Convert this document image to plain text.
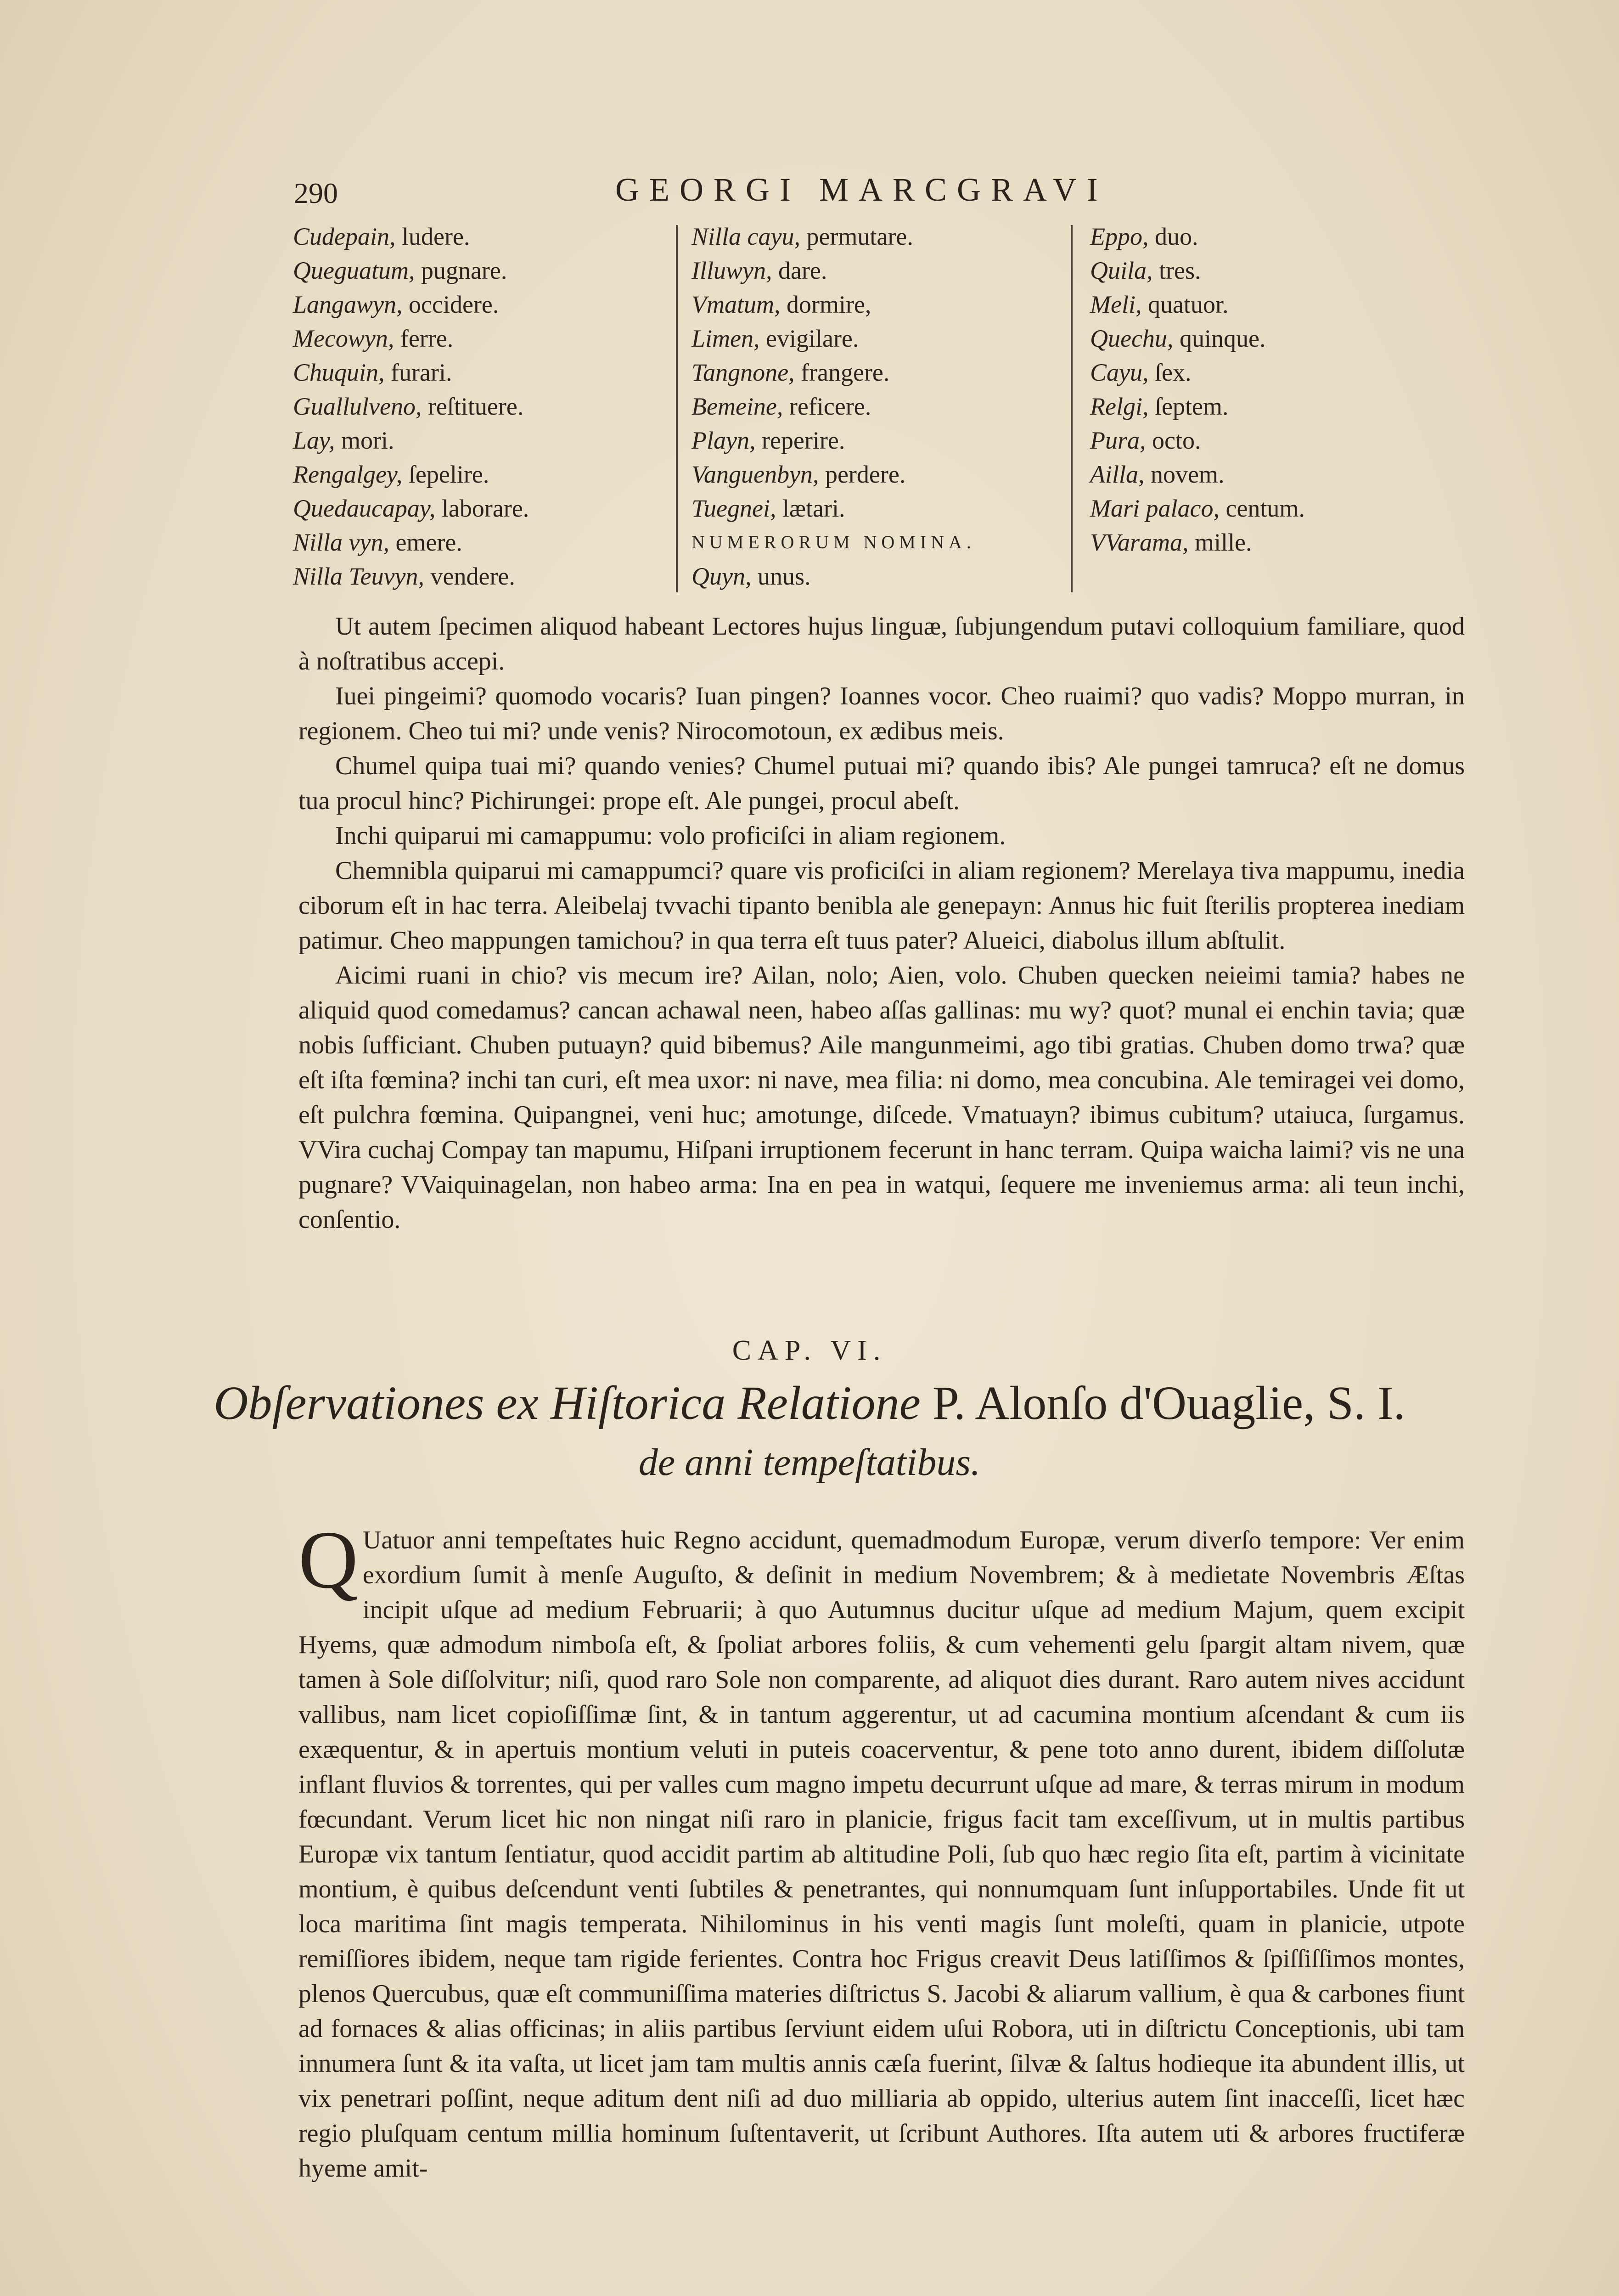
290	GEORGI MARCGRAVI
Cudepain, ludere.
Queguatum, pugnare.
Langawyn, occidere.
Mecowyn, ferre.
Chuquin, furari.
Guallulveno, reſtituere.
Lay, mori.
Rengalgey, ſepelire.
Quedaucapay, laborare.
Nilla vyn, emere.
Nilla Teuvyn, vendere.
Nilla cayu, permutare.
Illuwyn, dare.
Vmatum, dormire,
Limen, evigilare.
Tangnone, frangere.
Bemeine, reficere.
Playn, reperire.
Vanguenbyn, perdere.
Tuegnei, lætari.
NUMERORUM NOMINA.
Quyn, unus.
Eppo, duo.
Quila, tres.
Meli, quatuor.
Quechu, quinque.
Cayu, ſex.
Relgi, ſeptem.
Pura, octo.
Ailla, novem.
Mari palaco, centum.
VVarama, mille.

Ut autem ſpecimen aliquod habeant Lectores hujus linguæ, ſubjungendum putavi colloquium familiare, quod à noſtratibus accepi.

Iuei pingeimi? quomodo vocaris? Iuan pingen? Ioannes vocor. Cheo ruaimi? quo vadis? Moppo murran, in regionem. Cheo tui mi? unde venis? Nirocomotoun, ex ædibus meis.

Chumel quipa tuai mi? quando venies? Chumel putuai mi? quando ibis? Ale pungei tamruca? eſt ne domus tua procul hinc? Pichirungei: prope eſt. Ale pungei, procul abeſt.

Inchi quiparui mi camappumu: volo proficiſci in aliam regionem.

Chemnibla quiparui mi camappumci? quare vis proficiſci in aliam regionem? Merelaya tiva mappumu, inedia ciborum eſt in hac terra. Aleibelaj tvvachi tipanto benibla ale genepayn: Annus hic fuit ſterilis propterea inediam patimur. Cheo mappungen tamichou? in qua terra eſt tuus pater? Alueici, diabolus illum abſtulit.

Aicimi ruani in chio? vis mecum ire? Ailan, nolo; Aien, volo. Chuben quecken neieimi tamia? habes ne aliquid quod comedamus? cancan achawal neen, habeo aſſas gallinas: mu wy? quot? munal ei enchin tavia; quæ nobis ſufficiant. Chuben putuayn? quid bibemus? Aile mangunmeimi, ago tibi gratias. Chuben domo trwa? quæ eſt iſta fœmina? inchi tan curi, eſt mea uxor: ni nave, mea filia: ni domo, mea concubina. Ale temiragei vei domo, eſt pulchra fœmina. Quipangnei, veni huc; amotunge, diſcede. Vmatuayn? ibimus cubitum? utaiuca, ſurgamus. VVira cuchaj Compay tan mapumu, Hiſpani irruptionem fecerunt in hanc terram. Quipa waicha laimi? vis ne una pugnare? VVaiquinagelan, non habeo arma: Ina en pea in watqui, ſequere me inveniemus arma: ali teun inchi, conſentio.

CAP. VI.
Obſervationes ex Hiſtorica Relatione P. Alonſo d'Ouaglie, S. I.
de anni tempeſtatibus.
Q Uatuor anni tempeſtates huic Regno accidunt, quemadmodum Europæ, verum diverſo tempore: Ver enim exordium ſumit à menſe Auguſto, & deſinit in medium Novembrem; & à medietate Novembris Æſtas incipit uſque ad medium Februarii; à quo Autumnus ducitur uſque ad medium Majum, quem excipit Hyems, quæ admodum nimboſa eſt, & ſpoliat arbores foliis, & cum vehementi gelu ſpargit altam nivem, quæ tamen à Sole diſſolvitur; niſi, quod raro Sole non comparente, ad aliquot dies durant. Raro autem nives accidunt vallibus, nam licet copioſiſſimæ ſint, & in tantum aggerentur, ut ad cacumina montium aſcendant & cum iis exæquentur, & in apertuis montium veluti in puteis coacerventur, & pene toto anno durent, ibidem diſſolutæ inflant fluvios & torrentes, qui per valles cum magno impetu decurrunt uſque ad mare, & terras mirum in modum fœcundant. Verum licet hic non ningat niſi raro in planicie, frigus facit tam exceſſivum, ut in multis partibus Europæ vix tantum ſentiatur, quod accidit partim ab altitudine Poli, ſub quo hæc regio ſita eſt, partim à vicinitate montium, è quibus deſcendunt venti ſubtiles & penetrantes, qui nonnumquam ſunt inſupportabiles. Unde fit ut loca maritima ſint magis temperata. Nihilominus in his venti magis ſunt moleſti, quam in planicie, utpote remiſſiores ibidem, neque tam rigide ferientes. Contra hoc Frigus creavit Deus latiſſimos & ſpiſſiſſimos montes, plenos Quercubus, quæ eſt communiſſima materies diſtrictus S. Jacobi & aliarum vallium, è qua & carbones fiunt ad fornaces & alias officinas; in aliis partibus ſerviunt eidem uſui Robora, uti in diſtrictu Conceptionis, ubi tam innumera ſunt & ita vaſta, ut licet jam tam multis annis cæſa fuerint, ſilvæ & ſaltus hodieque ita abundent illis, ut vix penetrari poſſint, neque aditum dent niſi ad duo milliaria ab oppido, ulterius autem ſint inacceſſi, licet hæc regio pluſquam centum millia hominum ſuſtentaverit, ut ſcribunt Authores. Iſta autem uti & arbores fructiferæ hyeme amit-
